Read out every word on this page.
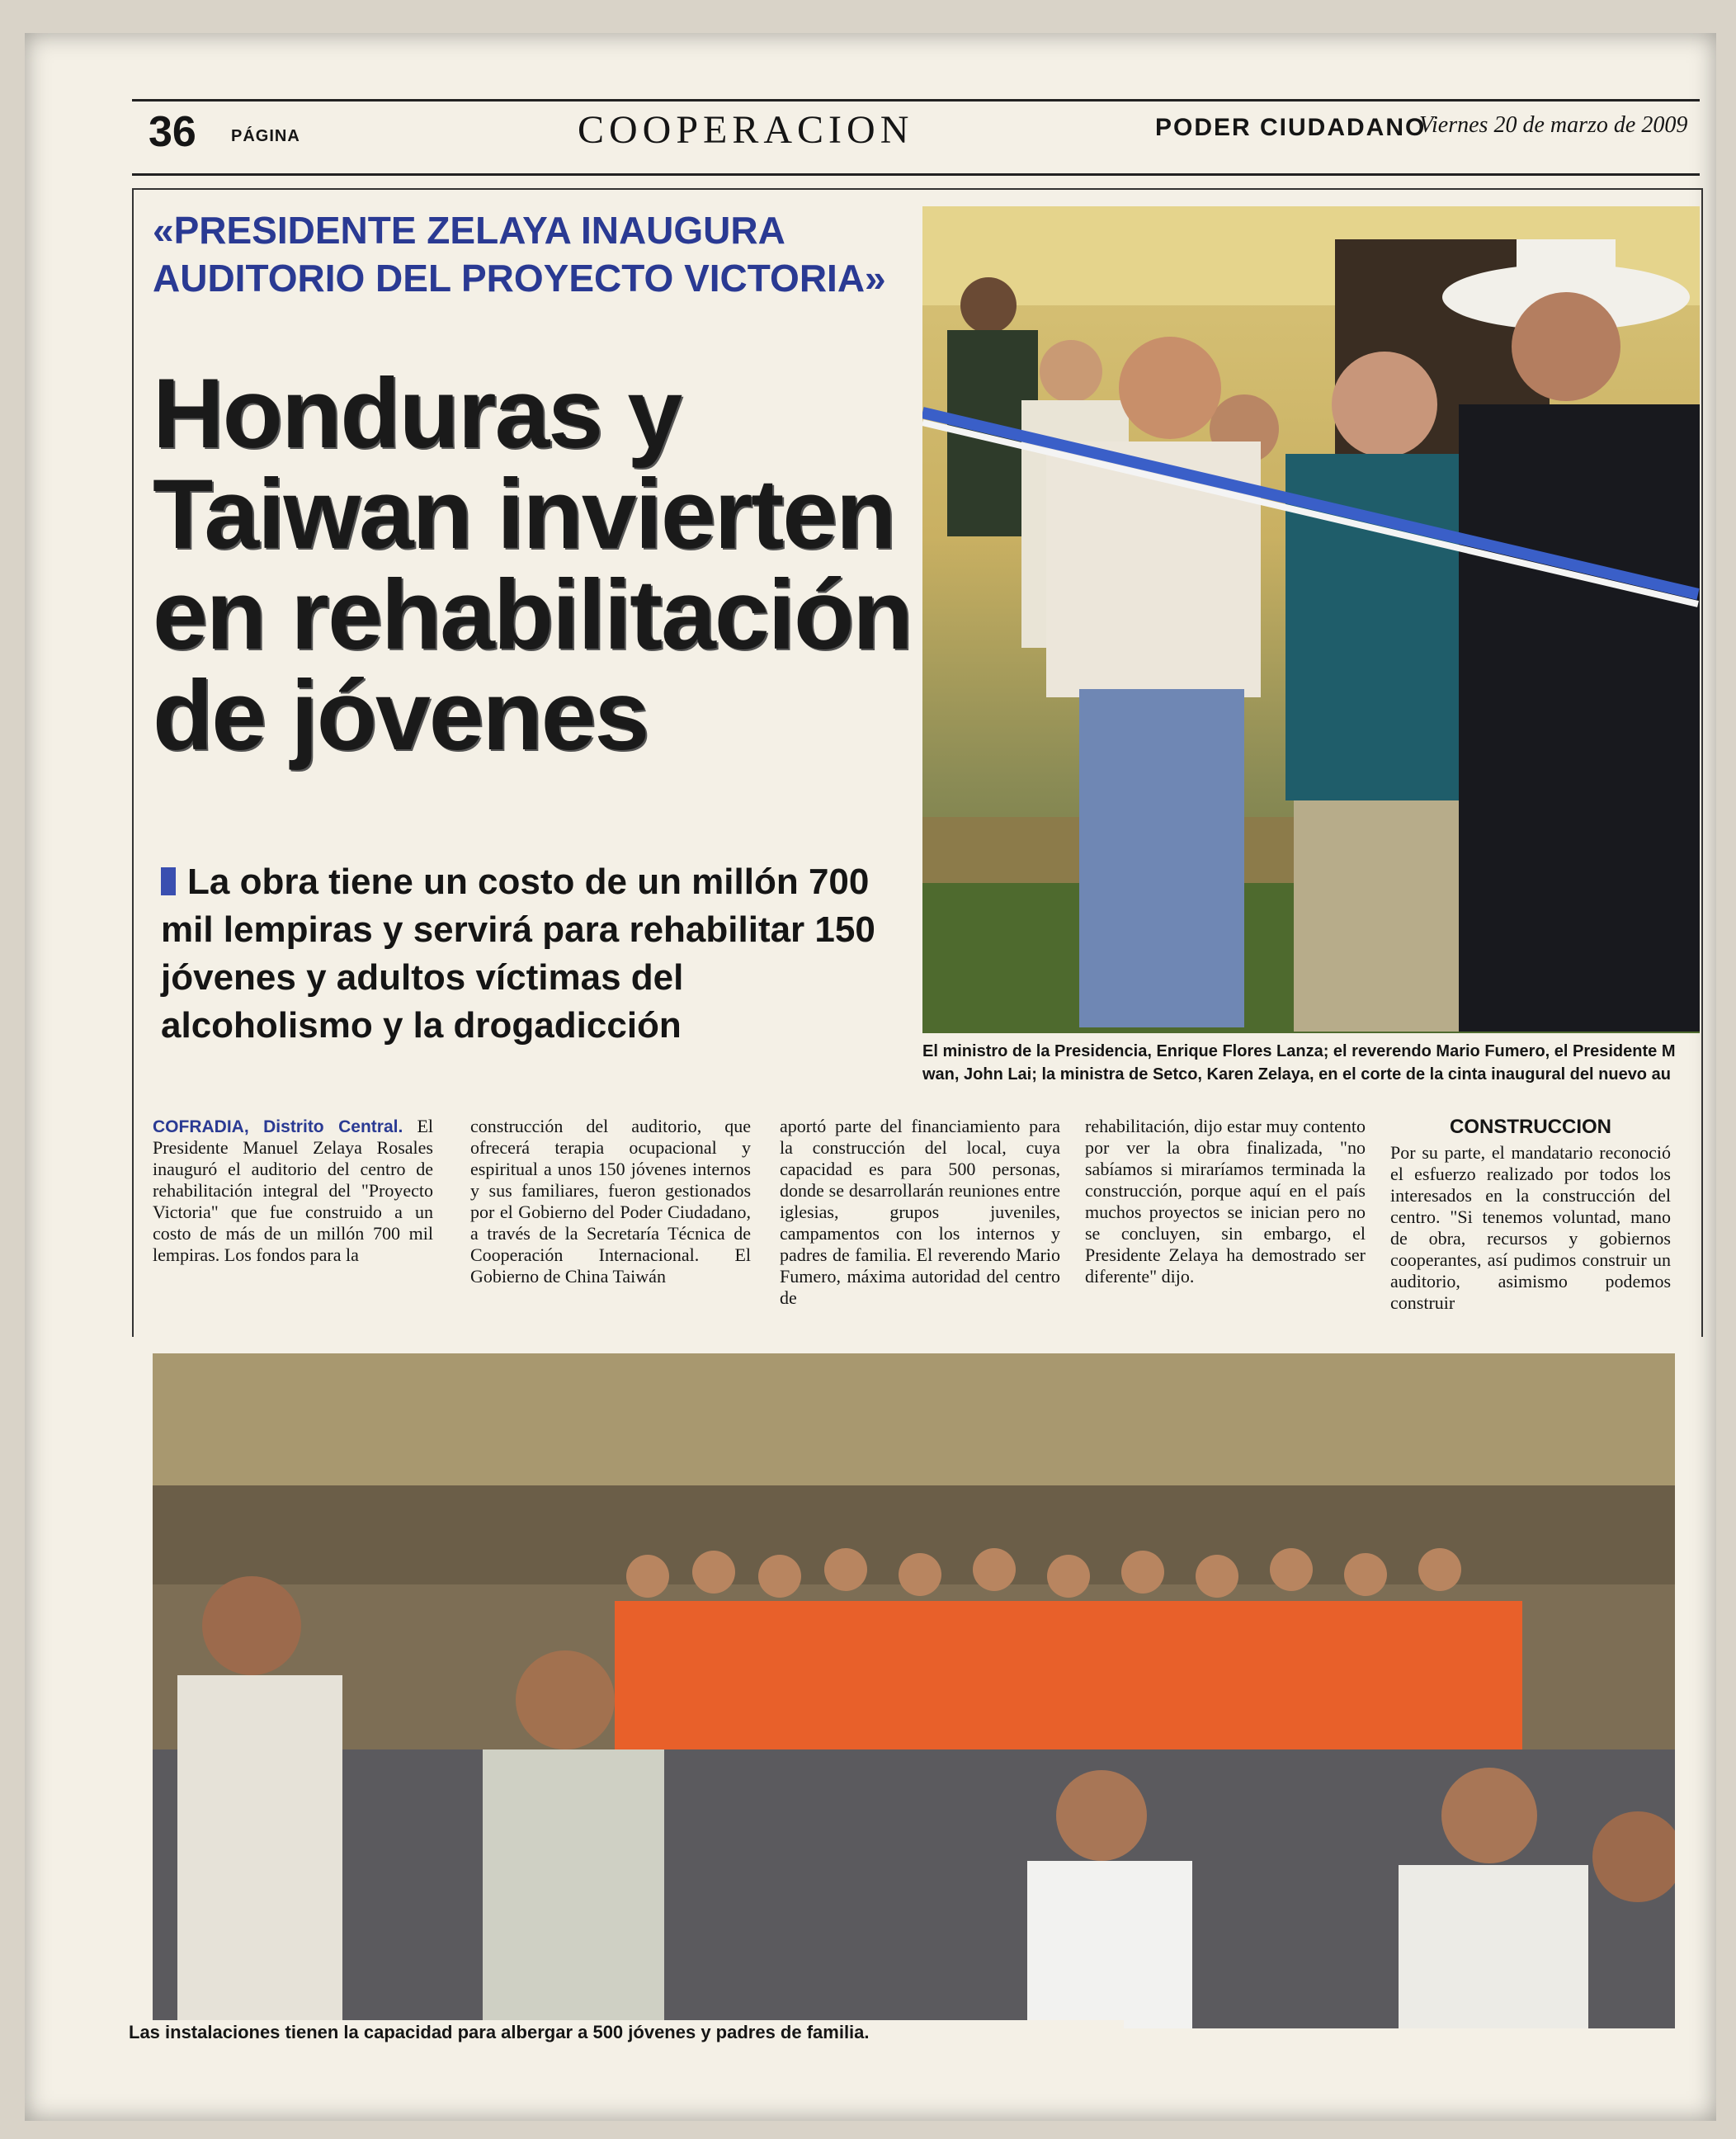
36 PÁGINA	COOPERACION	PODER CIUDADANO
Viernes 20 de marzo de 2009
«PRESIDENTE ZELAYA INAUGURA
AUDITORIO DEL PROYECTO VICTORIA»
Honduras y
Taiwan invierten
en rehabilitación
de jóvenes
La obra tiene un costo de un millón 700 mil lempiras y servirá para rehabilitar 150 jóvenes y adultos víctimas del alcoholismo y la drogadicción
El ministro de la Presidencia, Enrique Flores Lanza; el reverendo Mario Fumero, el Presidente M wan, John Lai; la ministra de Setco, Karen Zelaya, en el corte de la cinta inaugural del nuevo au
COFRADIA, Distrito Central. El Presidente Manuel Zelaya Rosales inauguró el auditorio del centro de rehabilitación integral del "Proyecto Victoria" que fue construido a un costo de más de un millón 700 mil lempiras. Los fondos para la
construcción del auditorio, que ofrecerá terapia ocupacional y espiritual a unos 150 jóvenes internos y sus familiares, fueron gestionados por el Gobierno del Poder Ciudadano, a través de la Secretaría Técnica de Cooperación Internacional. El Gobierno de China Taiwán
aportó parte del financiamiento para la construcción del local, cuya capacidad es para 500 personas, donde se desarrollarán reuniones entre iglesias, grupos juveniles, campamentos con los internos y padres de familia. El reverendo Mario Fumero, máxima autoridad del centro de
rehabilitación, dijo estar muy contento por ver la obra finalizada, "no sabíamos si miraríamos terminada la construcción, porque aquí en el país muchos proyectos se inician pero no se concluyen, sin embargo, el Presidente Zelaya ha demostrado ser diferente" dijo.
CONSTRUCCION
Por su parte, el mandatario reconoció el esfuerzo realizado por todos los interesados en la construcción del centro. "Si tenemos voluntad, mano de obra, recursos y gobiernos cooperantes, así pudimos construir un auditorio, asimismo podemos construir
Las instalaciones tienen la capacidad para albergar a 500 jóvenes y padres de familia.
